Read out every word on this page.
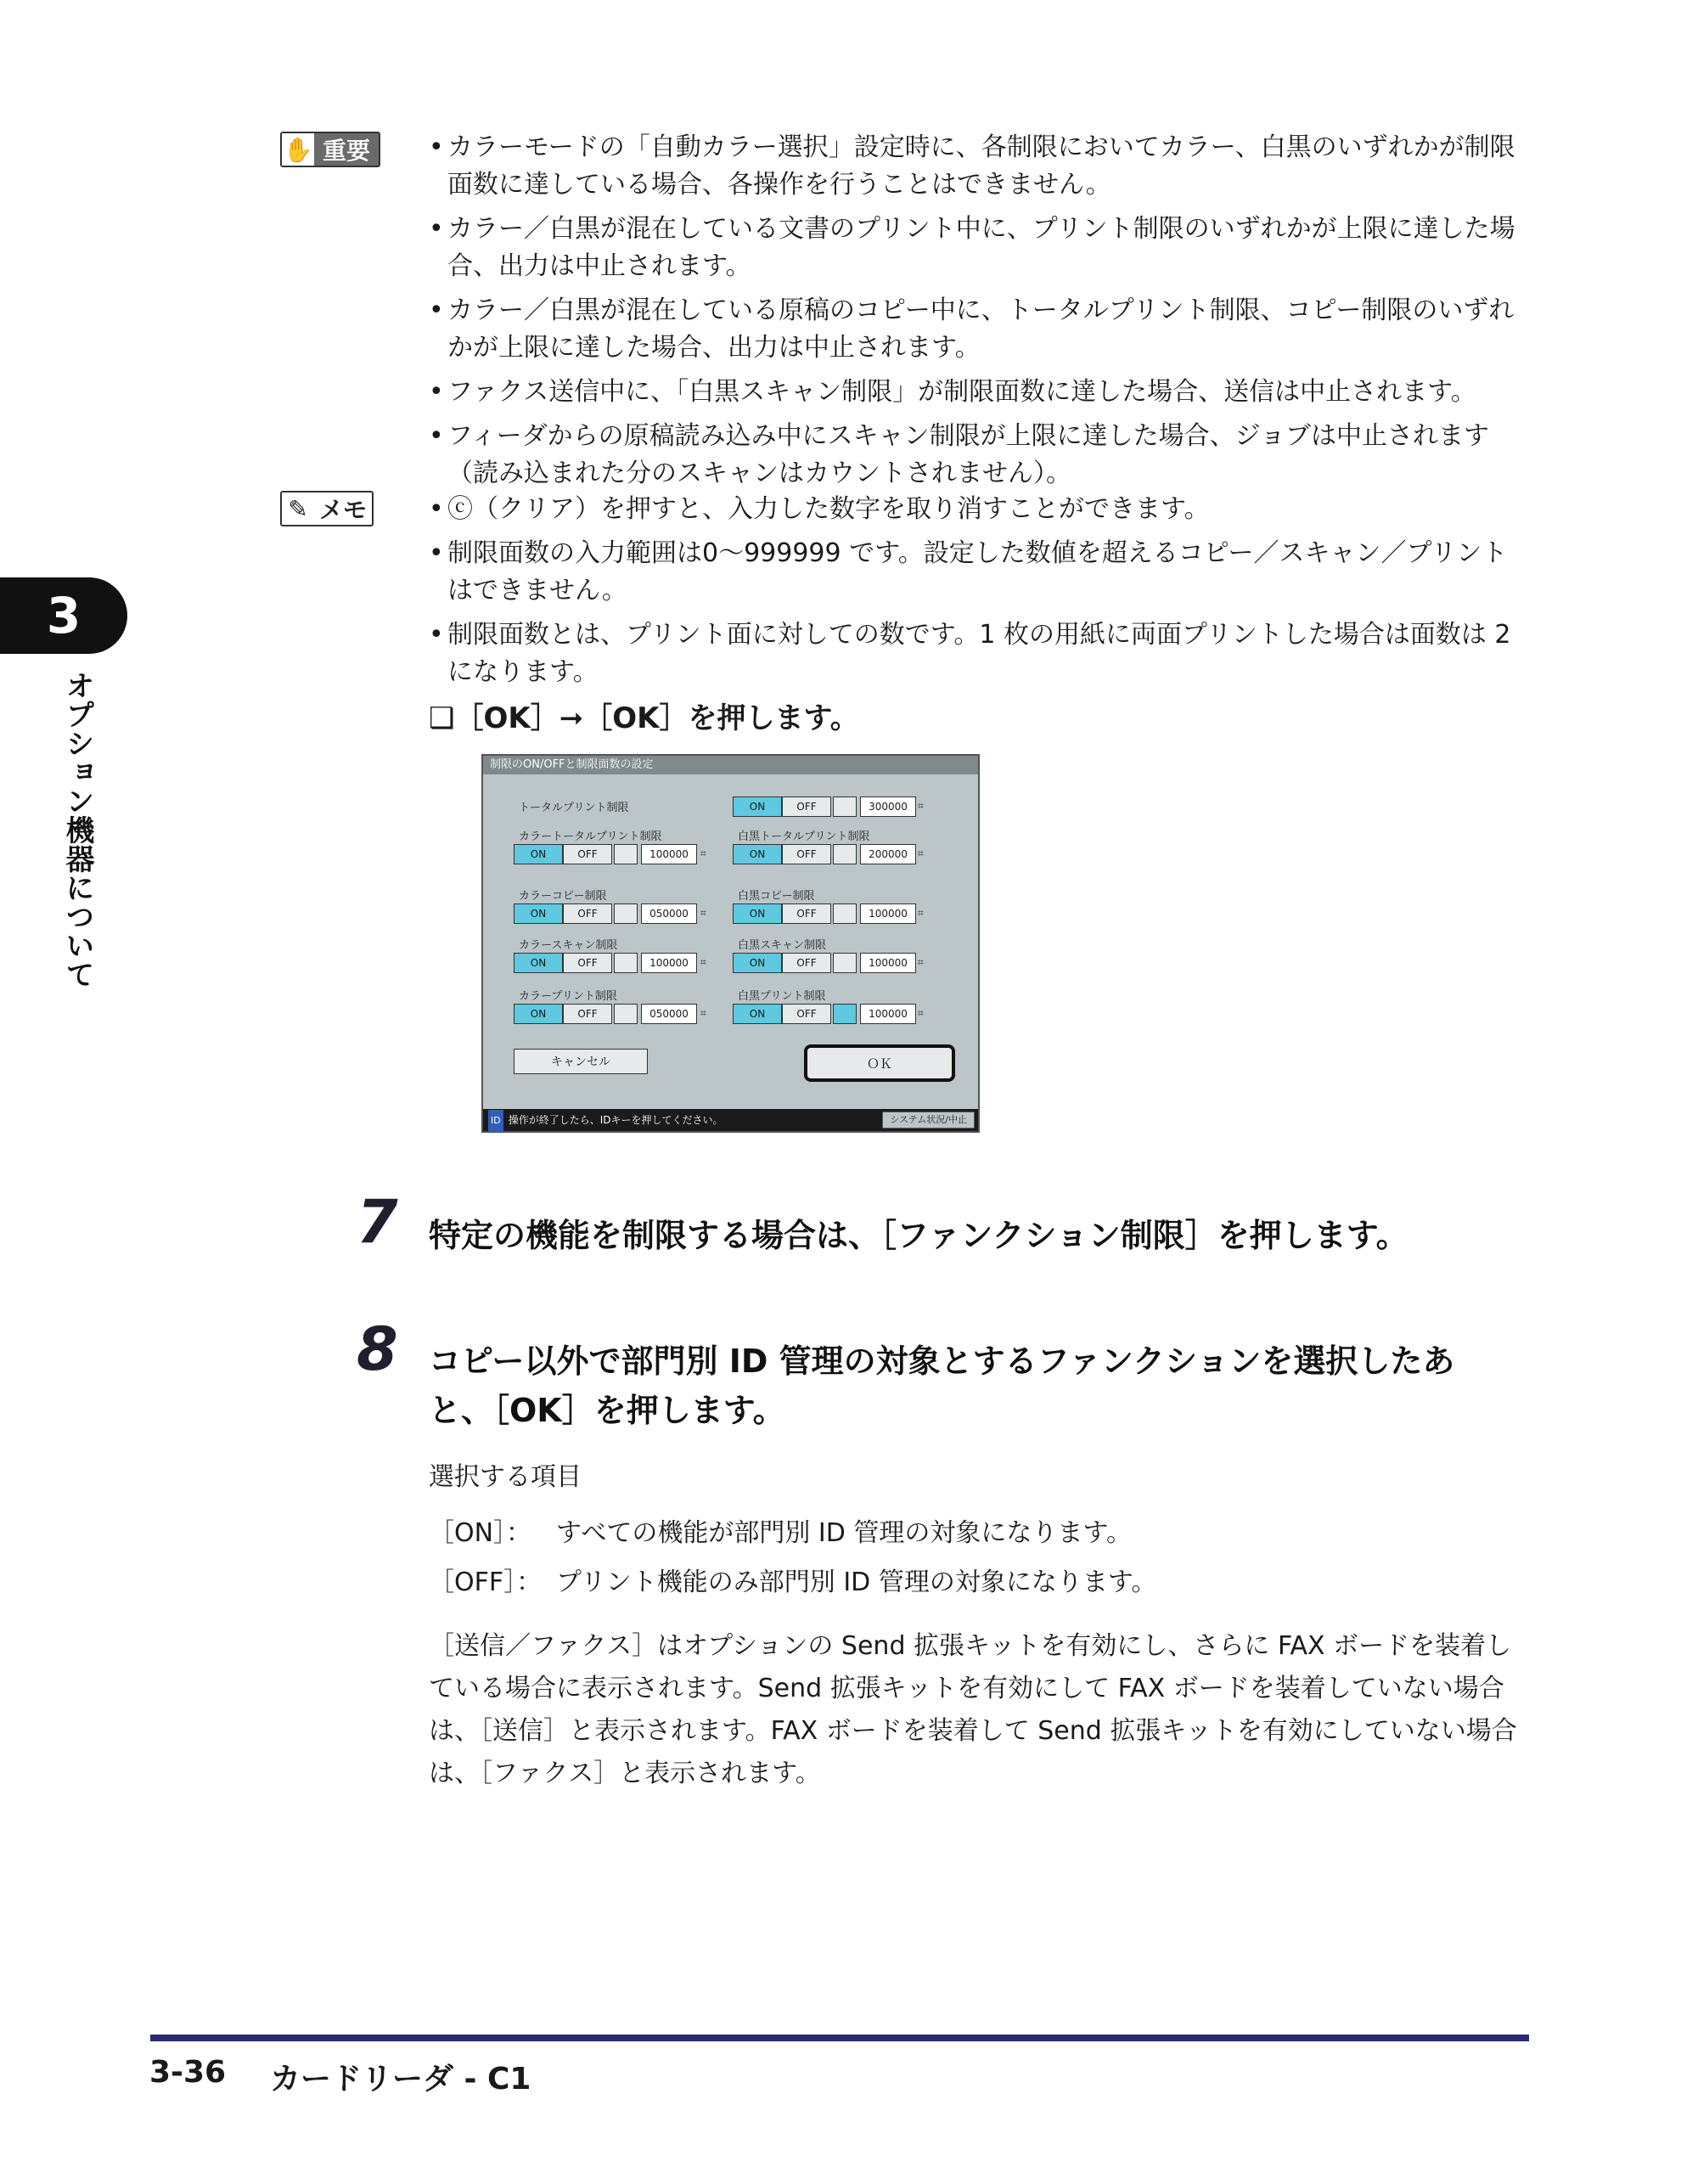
✋ 重要	• カラーモードの「自動カラー選択」設定時に、各制限においてカラー、白黒のいずれかが制限面数に達している場合、各操作を行うことはできません。
• カラー／白黒が混在している文書のプリント中に、プリント制限のいずれかが上限に達した場合、出力は中止されます。
• カラー／白黒が混在している原稿のコピー中に、トータルプリント制限、コピー制限のいずれかが上限に達した場合、出力は中止されます。
• ファクス送信中に、「白黒スキャン制限」が制限面数に達した場合、送信は中止されます。
• フィーダからの原稿読み込み中にスキャン制限が上限に達した場合、ジョブは中止されます（読み込まれた分のスキャンはカウントされません）。
✎ メモ	• ⓒ（クリア）を押すと、入力した数字を取り消すことができます。
• 制限面数の入力範囲は0～999999 です。設定した数値を超えるコピー／スキャン／プリントはできません。
• 制限面数とは、プリント面に対しての数です。1 枚の用紙に両面プリントした場合は面数は 2 になります。
❑［OK］➞［OK］を押します。
制限のON/OFFと制限面数の設定
トータルプリント制限	ON	OFF	300000	⌗
カラートータルプリント制限
ON	OFF	100000	⌗
白黒トータルプリント制限
ON	OFF	200000	⌗
カラーコピー制限
ON	OFF	050000	⌗
白黒コピー制限
ON	OFF	100000	⌗
カラースキャン制限
ON	OFF	100000	⌗
白黒スキャン制限
ON	OFF	100000	⌗
カラープリント制限
ON	OFF	050000	⌗
白黒プリント制限
ON	OFF	100000	⌗
キャンセル	ＯＫ
ID 操作が終了したら、IDキーを押してください。	システム状況/中止
7 特定の機能を制限する場合は、［ファンクション制限］を押します。
8 コピー以外で部門別 ID 管理の対象とするファンクションを選択したあ
と、［OK］を押します。
選択する項目
［ON］： すべての機能が部門別 ID 管理の対象になります。
［OFF］： プリント機能のみ部門別 ID 管理の対象になります。
［送信／ファクス］はオプションの Send 拡張キットを有効にし、さらに FAX ボードを装着している場合に表示されます。Send 拡張キットを有効にして FAX ボードを装着していない場合は、［送信］と表示されます。FAX ボードを装着して Send 拡張キットを有効にしていない場合は、［ファクス］と表示されます。
3
オプション機器について
3-36 カードリーダ - C1
